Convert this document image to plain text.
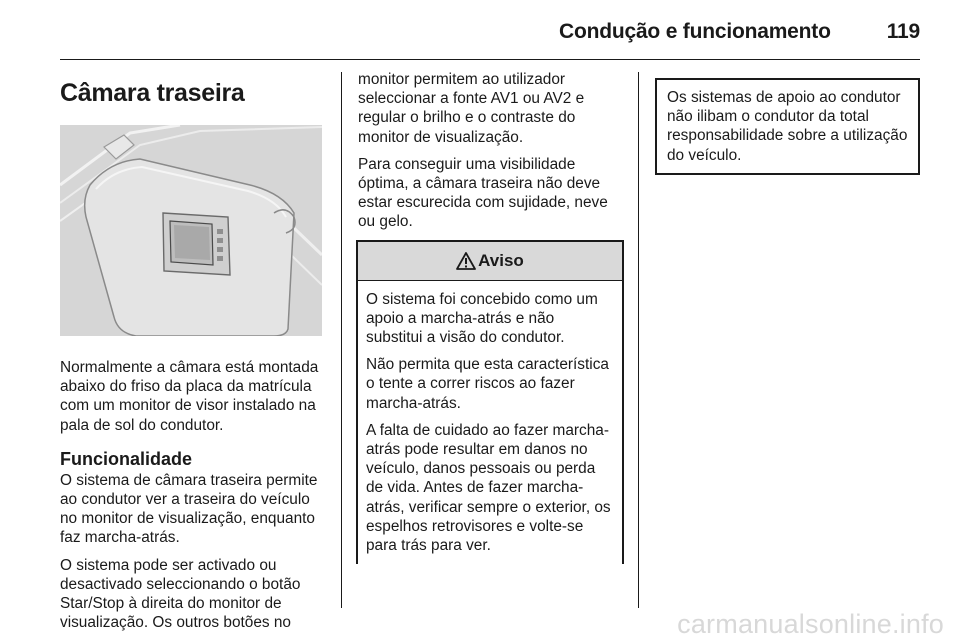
Condução e funcionamento	119
Câmara traseira

Normalmente a câmara está montada abaixo do friso da placa da matrícula com um monitor de visor instalado na pala de sol do condutor.

Funcionalidade

O sistema de câmara traseira permite ao condutor ver a traseira do veículo no monitor de visualização, enquanto faz marcha-atrás.

O sistema pode ser activado ou desactivado seleccionando o botão Star/Stop à direita do monitor de visualização. Os outros botões no

monitor permitem ao utilizador seleccionar a fonte AV1 ou AV2 e regular o brilho e o contraste do monitor de visualização.

Para conseguir uma visibilidade óptima, a câmara traseira não deve estar escurecida com sujidade, neve ou gelo.

Aviso

O sistema foi concebido como um apoio a marcha-atrás e não substitui a visão do condutor.

Não permita que esta característica o tente a correr riscos ao fazer marcha-atrás.

A falta de cuidado ao fazer marcha-atrás pode resultar em danos no veículo, danos pessoais ou perda de vida. Antes de fazer marcha-atrás, verificar sempre o exterior, os espelhos retrovisores e volte-se para trás para ver.

Os sistemas de apoio ao condutor não ilibam o condutor da total responsabilidade sobre a utilização do veículo.
carmanualsonline.info
